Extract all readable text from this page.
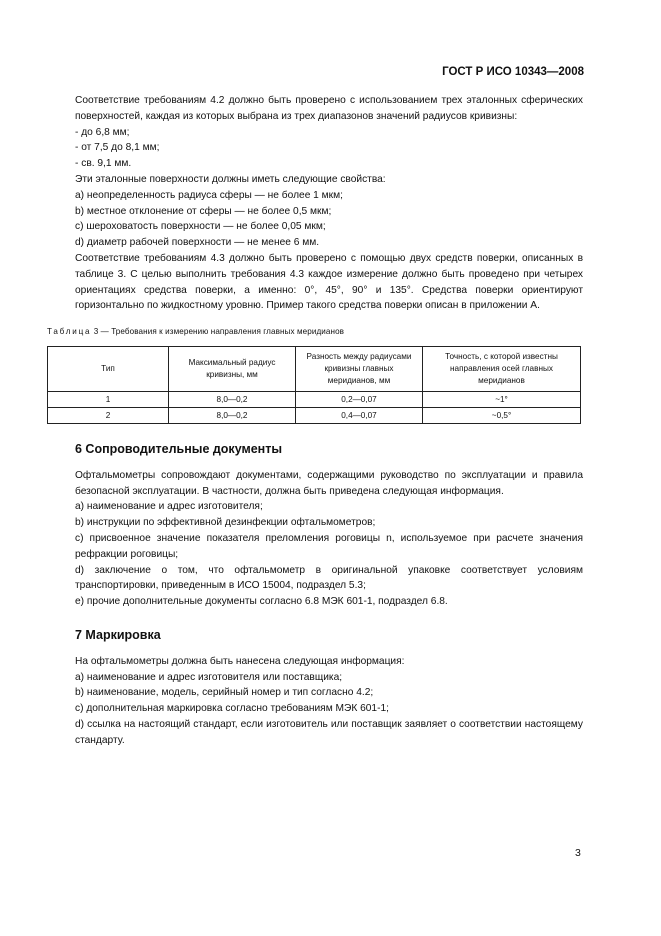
ГОСТ Р ИСО 10343—2008
Соответствие требованиям 4.2 должно быть проверено с использованием трех эталонных сферических поверхностей, каждая из которых выбрана из трех диапазонов значений радиусов кривизны:
- до 6,8 мм;
- от 7,5 до 8,1 мм;
- св. 9,1 мм.
Эти эталонные поверхности должны иметь следующие свойства:
a) неопределенность радиуса сферы — не более 1 мкм;
b) местное отклонение от сферы — не более 0,5 мкм;
c) шероховатость поверхности — не более 0,05 мкм;
d) диаметр рабочей поверхности — не менее 6 мм.
Соответствие требованиям 4.3 должно быть проверено с помощью двух средств поверки, описанных в таблице 3. С целью выполнить требования 4.3 каждое измерение должно быть проведено при четырех ориентациях средства поверки, а именно: 0°, 45°, 90° и 135°. Средства поверки ориентируют горизонтально по жидкостному уровню. Пример такого средства поверки описан в приложении А.
Таблица 3 — Требования к измерению направления главных меридианов
Тип	Максимальный радиус кривизны, мм	Разность между радиусами кривизны главных меридианов, мм	Точность, с которой известны направления осей главных меридианов
1	8,0—0,2	0,2—0,07	~1°
2	8,0—0,2	0,4—0,07	~0,5°
6 Сопроводительные документы
Офтальмометры сопровождают документами, содержащими руководство по эксплуатации и правила безопасной эксплуатации. В частности, должна быть приведена следующая информация.
a) наименование и адрес изготовителя;
b) инструкции по эффективной дезинфекции офтальмометров;
c) присвоенное значение показателя преломления роговицы n, используемое при расчете значения рефракции роговицы;
d) заключение о том, что офтальмометр в оригинальной упаковке соответствует условиям транспортировки, приведенным в ИСО 15004, подраздел 5.3;
e) прочие дополнительные документы согласно 6.8 МЭК 601-1, подраздел 6.8.
7 Маркировка
На офтальмометры должна быть нанесена следующая информация:
a) наименование и адрес изготовителя или поставщика;
b) наименование, модель, серийный номер и тип согласно 4.2;
c) дополнительная маркировка согласно требованиям МЭК 601-1;
d) ссылка на настоящий стандарт, если изготовитель или поставщик заявляет о соответствии настоящему стандарту.
3
